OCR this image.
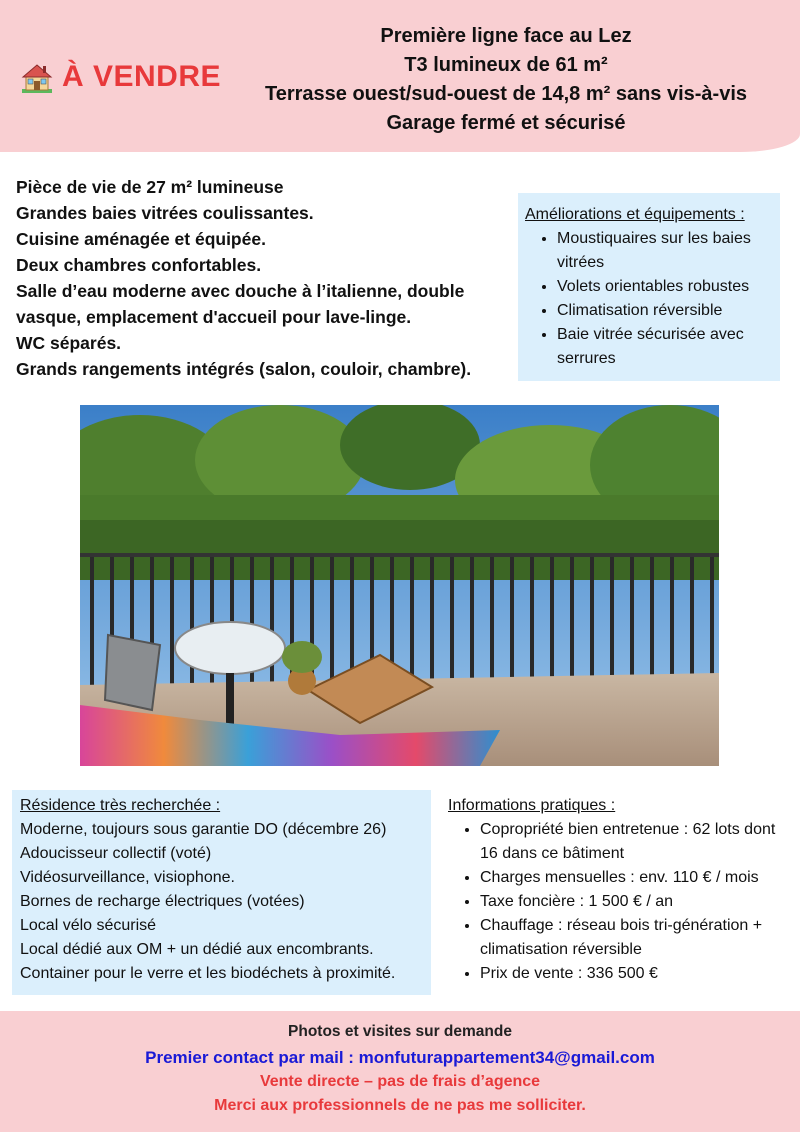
À VENDRE
Première ligne face au Lez
T3 lumineux de 61 m²
Terrasse ouest/sud-ouest de 14,8 m² sans vis-à-vis
Garage fermé et sécurisé
Pièce de vie de 27 m² lumineuse
Grandes baies vitrées coulissantes.
Cuisine aménagée et équipée.
Deux chambres confortables.
Salle d’eau moderne avec douche à l’italienne, double
vasque, emplacement d'accueil pour lave-linge.
WC séparés.
Grands rangements intégrés (salon, couloir, chambre).
Améliorations et équipements :
• Moustiquaires sur les baies vitrées
• Volets orientables robustes
• Climatisation réversible
• Baie vitrée sécurisée avec serrures
Résidence très recherchée :
Moderne, toujours sous garantie DO (décembre 26)
Adoucisseur collectif (voté)
Vidéosurveillance, visiophone.
Bornes de recharge électriques (votées)
Local vélo sécurisé
Local dédié aux OM + un dédié aux encombrants.
Container pour le verre et les biodéchets à proximité.
Informations pratiques :
• Copropriété bien entretenue : 62 lots dont 16 dans ce bâtiment
• Charges mensuelles : env. 110 € / mois
• Taxe foncière : 1 500 € / an
• Chauffage : réseau bois tri-génération + climatisation réversible
• Prix de vente : 336 500 €
Photos et visites sur demande
Premier contact par mail : monfuturappartement34@gmail.com
Vente directe – pas de frais d’agence
Merci aux professionnels de ne pas me solliciter.
